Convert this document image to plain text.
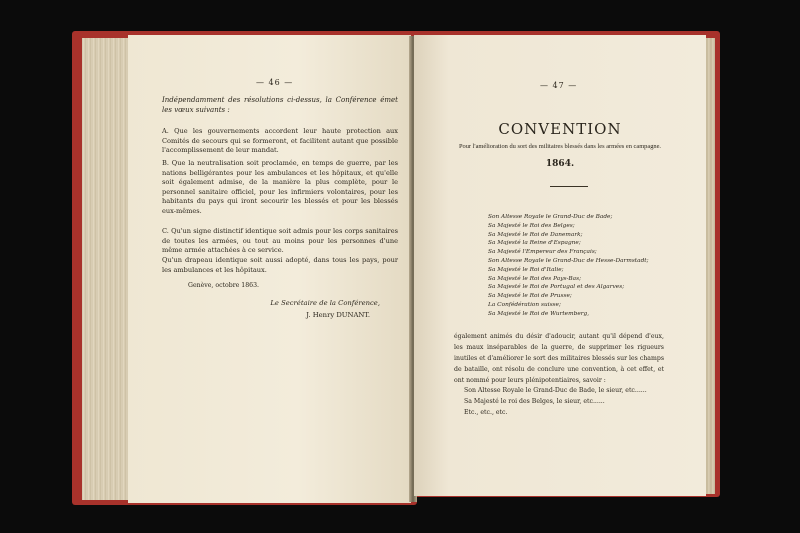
— 46 —

Indépendamment des résolutions ci-dessus, la Conférence émet les vœux suivants :

A. Que les gouvernements accordent leur haute protection aux Comités de secours qui se formeront, et facilitent autant que possible l'accomplissement de leur mandat.

B. Que la neutralisation soit proclamée, en temps de guerre, par les nations belligérantes pour les ambulances et les hôpitaux, et qu'elle soit également admise, de la manière la plus complète, pour le personnel sanitaire officiel, pour les infirmiers volontaires, pour les habitants du pays qui iront secourir les blessés et pour les blessés eux-mêmes.

C. Qu'un signe distinctif identique soit admis pour les corps sanitaires de toutes les armées, ou tout au moins pour les personnes d'une même armée attachées à ce service.

Qu'un drapeau identique soit aussi adopté, dans tous les pays, pour les ambulances et les hôpitaux.

Genève, octobre 1863.
Le Secrétaire de la Conférence,
J. Henry DUNANT.
— 47 —
CONVENTION
Pour l'amélioration du sort des militaires blessés dans les armées en campagne.
1864.
Son Altesse Royale le Grand-Duc de Bade;
Sa Majesté le Roi des Belges;
Sa Majesté le Roi de Danemark;
Sa Majesté la Reine d'Espagne;
Sa Majesté l'Empereur des Français;
Son Altesse Royale le Grand-Duc de Hesse-Darmstadt;
Sa Majesté le Roi d'Italie;
Sa Majesté le Roi des Pays-Bas;
Sa Majesté le Roi de Portugal et des Algarves;
Sa Majesté le Roi de Prusse;
La Confédération suisse;
Sa Majesté le Roi de Wurtemberg,

également animés du désir d'adoucir, autant qu'il dépend d'eux, les maux inséparables de la guerre, de supprimer les rigueurs inutiles et d'améliorer le sort des militaires blessés sur les champs de bataille, ont résolu de conclure une convention, à cet effet, et ont nommé pour leurs plénipotentiaires, savoir :

Son Altesse Royale le Grand-Duc de Bade, le sieur, etc......
Sa Majesté le roi des Belges, le sieur, etc......
Etc., etc., etc.
